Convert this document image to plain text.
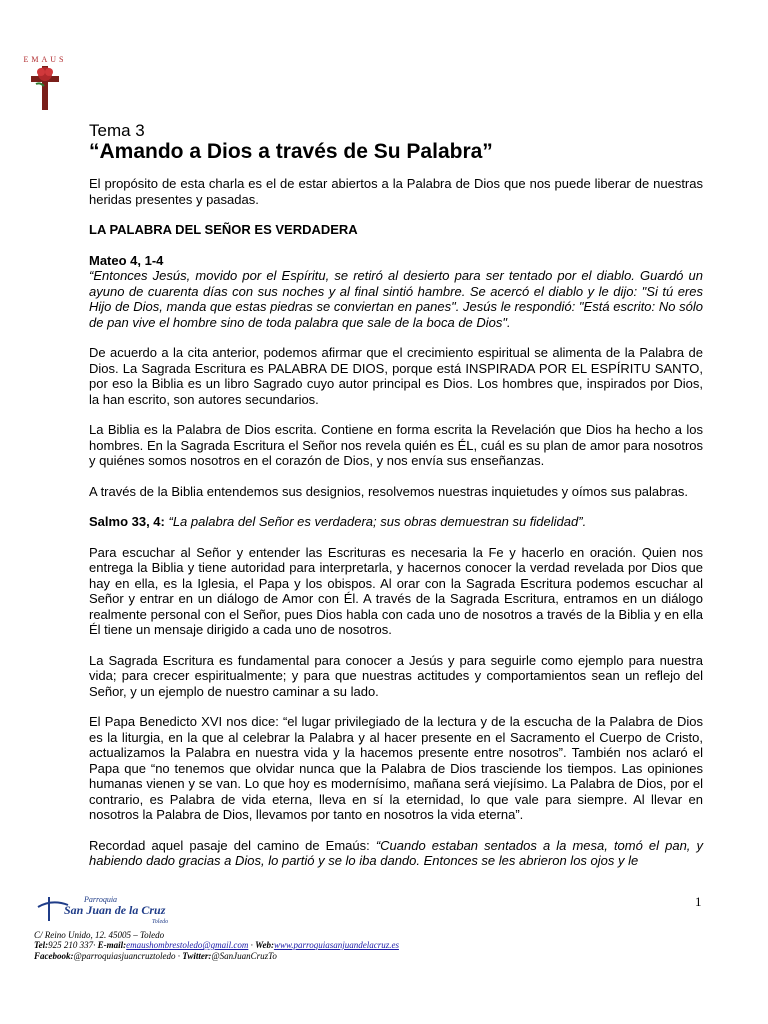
EMAUS
Tema 3
“Amando a Dios a través de Su Palabra”

El propósito de esta charla es el de estar abiertos a la Palabra de Dios que nos puede liberar de nuestras heridas presentes y pasadas.

LA PALABRA DEL SEÑOR ES VERDADERA

Mateo 4, 1-4
“Entonces Jesús, movido por el Espíritu, se retiró al desierto para ser tentado por el diablo. Guardó un ayuno de cuarenta días con sus noches y al final sintió hambre. Se acercó el diablo y le dijo: "Si tú eres Hijo de Dios, manda que estas piedras se conviertan en panes". Jesús le respondió: "Está escrito: No sólo de pan vive el hombre sino de toda palabra que sale de la boca de Dios".

De acuerdo a la cita anterior, podemos afirmar que el crecimiento espiritual se alimenta de la Palabra de Dios. La Sagrada Escritura es PALABRA DE DIOS, porque está INSPIRADA POR EL ESPÍRITU SANTO, por eso la Biblia es un libro Sagrado cuyo autor principal es Dios. Los hombres que, inspirados por Dios, la han escrito, son autores secundarios.

La Biblia es la Palabra de Dios escrita. Contiene en forma escrita la Revelación que Dios ha hecho a los hombres. En la Sagrada Escritura el Señor nos revela quién es ÉL, cuál es su plan de amor para nosotros y quiénes somos nosotros en el corazón de Dios, y nos envía sus enseñanzas.

A través de la Biblia entendemos sus designios, resolvemos nuestras inquietudes y oímos sus palabras.

Salmo 33, 4: “La palabra del Señor es verdadera; sus obras demuestran su fidelidad”.

Para escuchar al Señor y entender las Escrituras es necesaria la Fe y hacerlo en oración. Quien nos entrega la Biblia y tiene autoridad para interpretarla, y hacernos conocer la verdad revelada por Dios que hay en ella, es la Iglesia, el Papa y los obispos. Al orar con la Sagrada Escritura podemos escuchar al Señor y entrar en un diálogo de Amor con Él. A través de la Sagrada Escritura, entramos en un diálogo realmente personal con el Señor, pues Dios habla con cada uno de nosotros a través de la Biblia y en ella Él tiene un mensaje dirigido a cada uno de nosotros.

La Sagrada Escritura es fundamental para conocer a Jesús y para seguirle como ejemplo para nuestra vida; para crecer espiritualmente; y para que nuestras actitudes y comportamientos sean un reflejo del Señor, y un ejemplo de nuestro caminar a su lado.

El Papa Benedicto XVI nos dice: “el lugar privilegiado de la lectura y de la escucha de la Palabra de Dios es la liturgia, en la que al celebrar la Palabra y al hacer presente en el Sacramento el Cuerpo de Cristo, actualizamos la Palabra en nuestra vida y la hacemos presente entre nosotros”. También nos aclaró el Papa que “no tenemos que olvidar nunca que la Palabra de Dios trasciende los tiempos. Las opiniones humanas vienen y se van. Lo que hoy es modernísimo, mañana será viejísimo. La Palabra de Dios, por el contrario, es Palabra de vida eterna, lleva en sí la eternidad, lo que vale para siempre. Al llevar en nosotros la Palabra de Dios, llevamos por tanto en nosotros la vida eterna”.

Recordad aquel pasaje del camino de Emaús: “Cuando estaban sentados a la mesa, tomó el pan, y habiendo dado gracias a Dios, lo partió y se lo iba dando. Entonces se les abrieron los ojos y le

1
Parroquia
San Juan de la Cruz
Toledo
C/ Reino Unido, 12. 45005 – Toledo
Tel:925 210 337· E-mail:emaushombrestoledo@gmail.com · Web:www.parroquiasanjuandelacruz.es
Facebook:@parroquiasjuancruztoledo · Twitter:@SanJuanCruzTo
